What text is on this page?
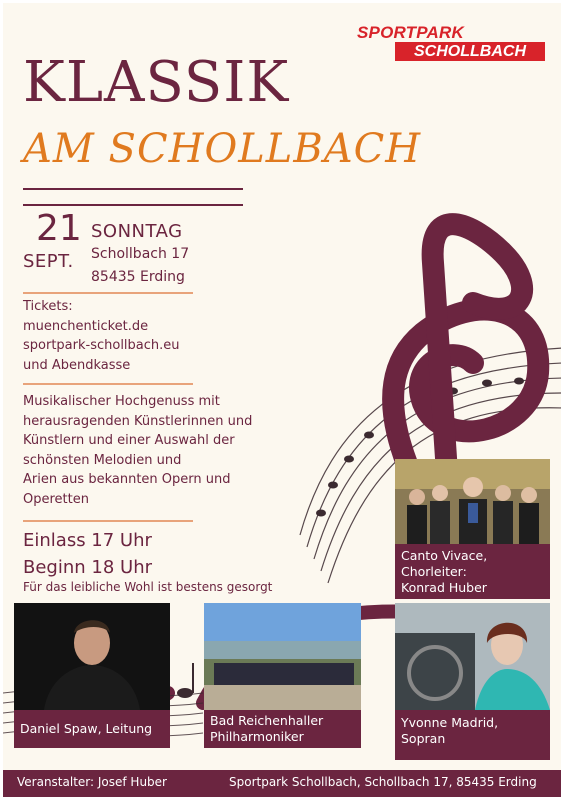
SPORTPARK
SCHOLLBACH
KLASSIK
AM SCHOLLBACH
21
SEPT.
SONNTAG
Schollbach 17
85435 Erding
Tickets:
muenchenticket.de
sportpark-schollbach.eu
und Abendkasse
Musikalischer Hochgenuss mit
herausragenden Künstlerinnen und
Künstlern und einer Auswahl der
schönsten Melodien und
Arien aus bekannten Opern und
Operetten
Einlass 17 Uhr
Beginn 18 Uhr
Für das leibliche Wohl ist bestens gesorgt
Canto Vivace,
Chorleiter:
Konrad Huber
Daniel Spaw, Leitung
Bad Reichenhaller
Philharmoniker
Yvonne Madrid,
Sopran
Veranstalter: Josef Huber	Sportpark Schollbach, Schollbach 17, 85435 Erding
